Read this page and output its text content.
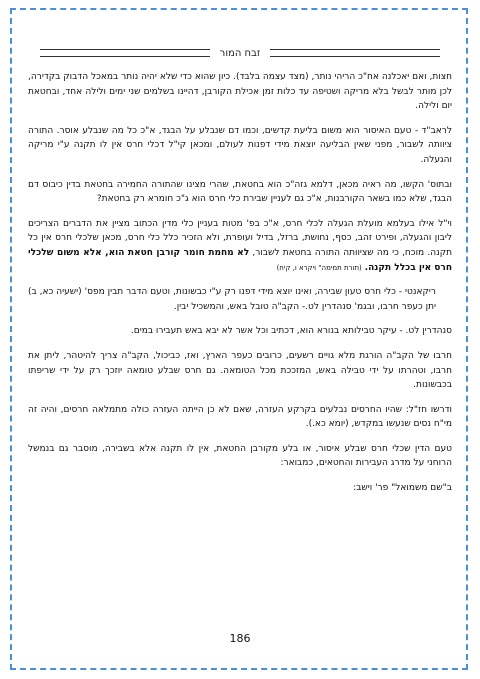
זבח המור

חצות, ואם יאכלנה אח"כ הריהי נותר, (מצד עצמה בלבד). כיון שהוא כדי שלא יהיה נותר במאכל הדבוק בקדירה, לכן מותר לבשל בלא מריקה ושטיפה עד כלות זמן אכילת הקורבן, דהיינו בשלמים שני ימים ולילה אחד, ובחטאת יום ולילה.

לראב"ד - טעם האיסור הוא משום בליעת קדשים, וכמו דם שנבלע על הבגד, א"כ כל מה שנבלע אוסר. התורה ציוותה לשבור, מפני שאין הבליעה יוצאת מידי דפנות לעולם, ומכאן קי"ל דכלי חרס אין לו תקנה ע"י מריקה והגעלה.

ובתוס' הקשו, מה ראיה מכאן, דלמא גזה"כ הוא בחטאת, שהרי מצינו שהתורה החמירה בחטאת בדין כיבוס דם הבגד, שלא כמו בשאר הקורבנות, א"כ גם לעניין שבירת כלי חרס הוא ג"כ חומרא רק בחטאת?

וי"ל אילו בעלמא מועלת הגעלה לכלי חרס, א"כ בפ' מטות בעניין כלי מדין הכתוב מציין את הדברים הצריכים ליבון והגעלה, ופירט זהב, כסף, נחושת, ברזל, בדיל ועופרת, ולא הזכיר כלל כלי חרס, מכאן שלכלי חרס אין כל תקנה. מוכח, כי מה שציוותה התורה בחטאת לשבור, לא מחמת חומר קורבן חטאת הוא, אלא משום שלכלי חרס אין בכלל תקנה. (תורת תמימה" ויקרא ו, קיח)

ריקאנטי - כלי חרס טעון שבירה, ואינו יוצא מידי דפנו רק ע"י כבשונות, וטעם הדבר תבין מפס' (ישעיה כא, ב) יתן כעפר חרבו, ובגמ' סנהדרין לט.- הקב"ה טובל באש, והמשכיל יבין.

סנהדרין לט. - עיקר טבילותא בנורא הוא, דכתיב וכל אשר לא יבא באש תעבירו במים.

חרבו של הקב"ה הורגת מלא גויים רשעים, כרובים כעפר הארץ, ואז, כביכול, הקב"ה צריך להיטהר, ליתן את חרבו, וטהרתו על ידי טבילה באש, המזככת מכל הטומאה. גם חרס שבלע טומאה יוזכך רק על ידי שריפתו בכבשונות.

ודרשו חז"ל: שהיו החרסים נבלעים בקרקע העזרה, שאם לא כן הייתה העזרה כולה מתמלאה חרסים, והיה זה מי"ח נסים שנעשו במקדש, (יומא כא.).

טעם הדין שכלי חרס שבלע איסור, או בלע מקורבן החטאת, אין לו תקנה אלא בשבירה, מוסבר גם בנמשל הרוחני על מדרג העבירות והחטאים, כמבואר:

ב"שם משמואל" פר' וישב:

186
